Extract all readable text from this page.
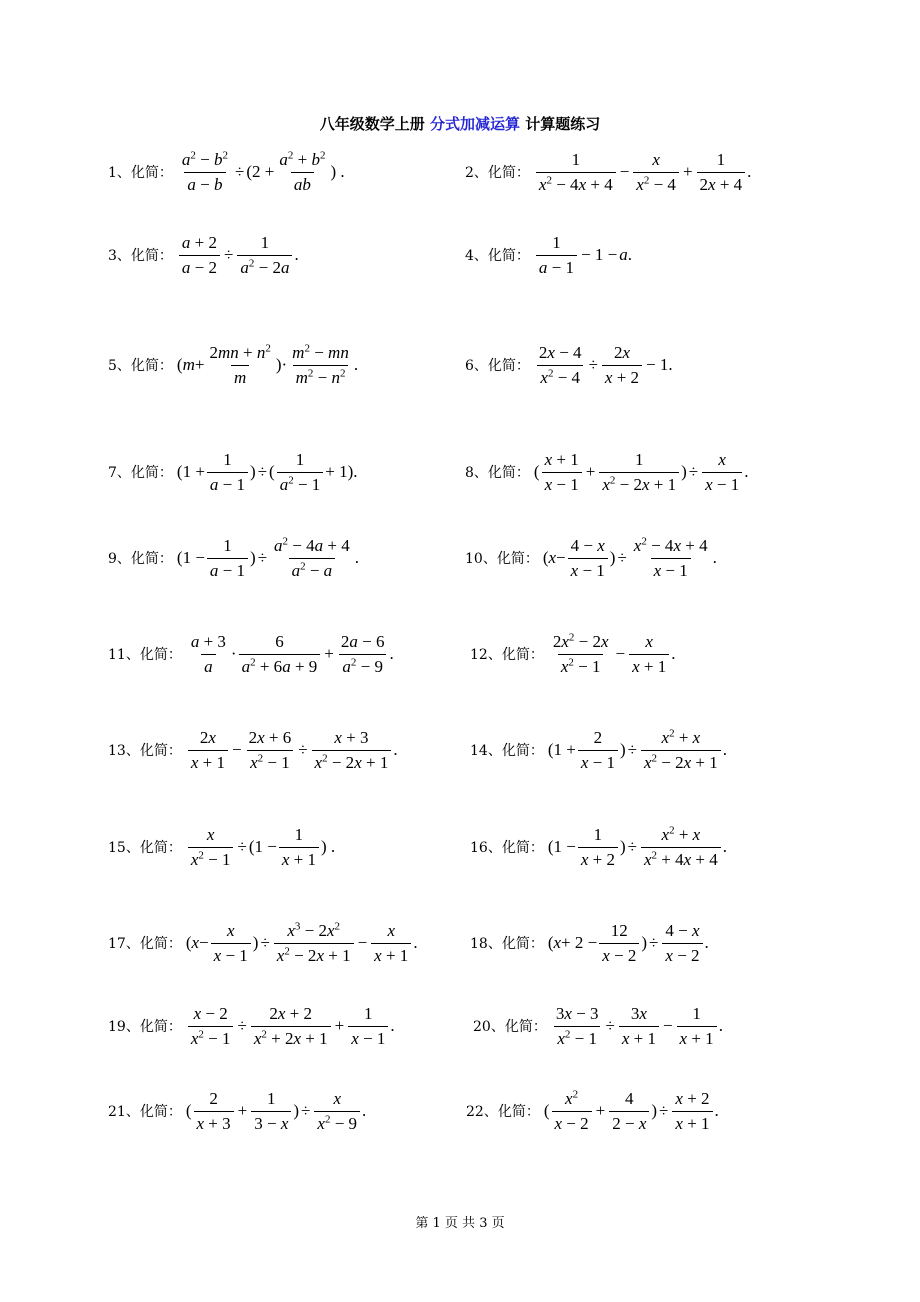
八年级数学上册 分式加减运算 计算题练习
1、化简： $\frac{a^2 - b^2}{a - b} \div (2 + \frac{a^2 + b^2}{ab}$ ) .	2、化简： $\frac{1}{x^2 - 4x + 4} - \frac{x}{x^2 - 4} + \frac{1}{2x + 4}$ .
3、化简： $\frac{a + 2}{a - 2} \div \frac{1}{a^2 - 2a}$ .	4、化简： $\frac{1}{a - 1} - 1 - a$ .
5、化简： ( $m + \frac{2mn + n^2}{m}$ )· $\frac{m^2 - mn}{m^2 - n^2}$ .	6、化简： $\frac{2x - 4}{x^2 - 4} \div \frac{2x}{x + 2} - 1$.
7、化简： ($1 + \frac{1}{a - 1}$ ) ÷ ( $\frac{1}{a^2 - 1} + 1$).	8、化简： ( $\frac{x + 1}{x - 1} + \frac{1}{x^2 - 2x + 1}$ ) ÷ $\frac{x}{x - 1}$ .
9、化简： ($1 - \frac{1}{a - 1}$ ) ÷ $\frac{a^2 - 4a + 4}{a^2 - a}$ .	10、化简： ( $x - \frac{4 - x}{x - 1}$ ) ÷ $\frac{x^2 - 4x + 4}{x - 1}$ .
11、化简： $\frac{a + 3}{a} \cdot \frac{6}{a^2 + 6a + 9} + \frac{2a - 6}{a^2 - 9}$ .	12、化简： $\frac{2x^2 - 2x}{x^2 - 1} - \frac{x}{x + 1}$ .
13、化简： $\frac{2x}{x + 1} - \frac{2x + 6}{x^2 - 1} \div \frac{x + 3}{x^2 - 2x + 1}$ .	14、化简： ($1 + \frac{2}{x - 1}$ ) ÷ $\frac{x^2 + x}{x^2 - 2x + 1}$ .
15、化简： $\frac{x}{x^2 - 1} \div (1 - \frac{1}{x + 1}$ ) .	16、化简： ($1 - \frac{1}{x + 2}$ ) ÷ $\frac{x^2 + x}{x^2 + 4x + 4}$ .
17、化简： ( $x - \frac{x}{x - 1}$ ) ÷ $\frac{x^3 - 2x^2}{x^2 - 2x + 1} - \frac{x}{x + 1}$ .	18、化简： ( $x + 2 - \frac{12}{x - 2}$ ) ÷ $\frac{4 - x}{x - 2}$ .
19、化简： $\frac{x - 2}{x^2 - 1} \div \frac{2x + 2}{x^2 + 2x + 1} + \frac{1}{x - 1}$ .	20、化简： $\frac{3x - 3}{x^2 - 1} \div \frac{3x}{x + 1} - \frac{1}{x + 1}$ .
21、化简： ( $\frac{2}{x + 3} + \frac{1}{3 - x}$ ) ÷ $\frac{x}{x^2 - 9}$ .	22、化简： ( $\frac{x^2}{x - 2} + \frac{4}{2 - x}$ ) ÷ $\frac{x + 2}{x + 1}$ .
第 1 页 共 3 页
